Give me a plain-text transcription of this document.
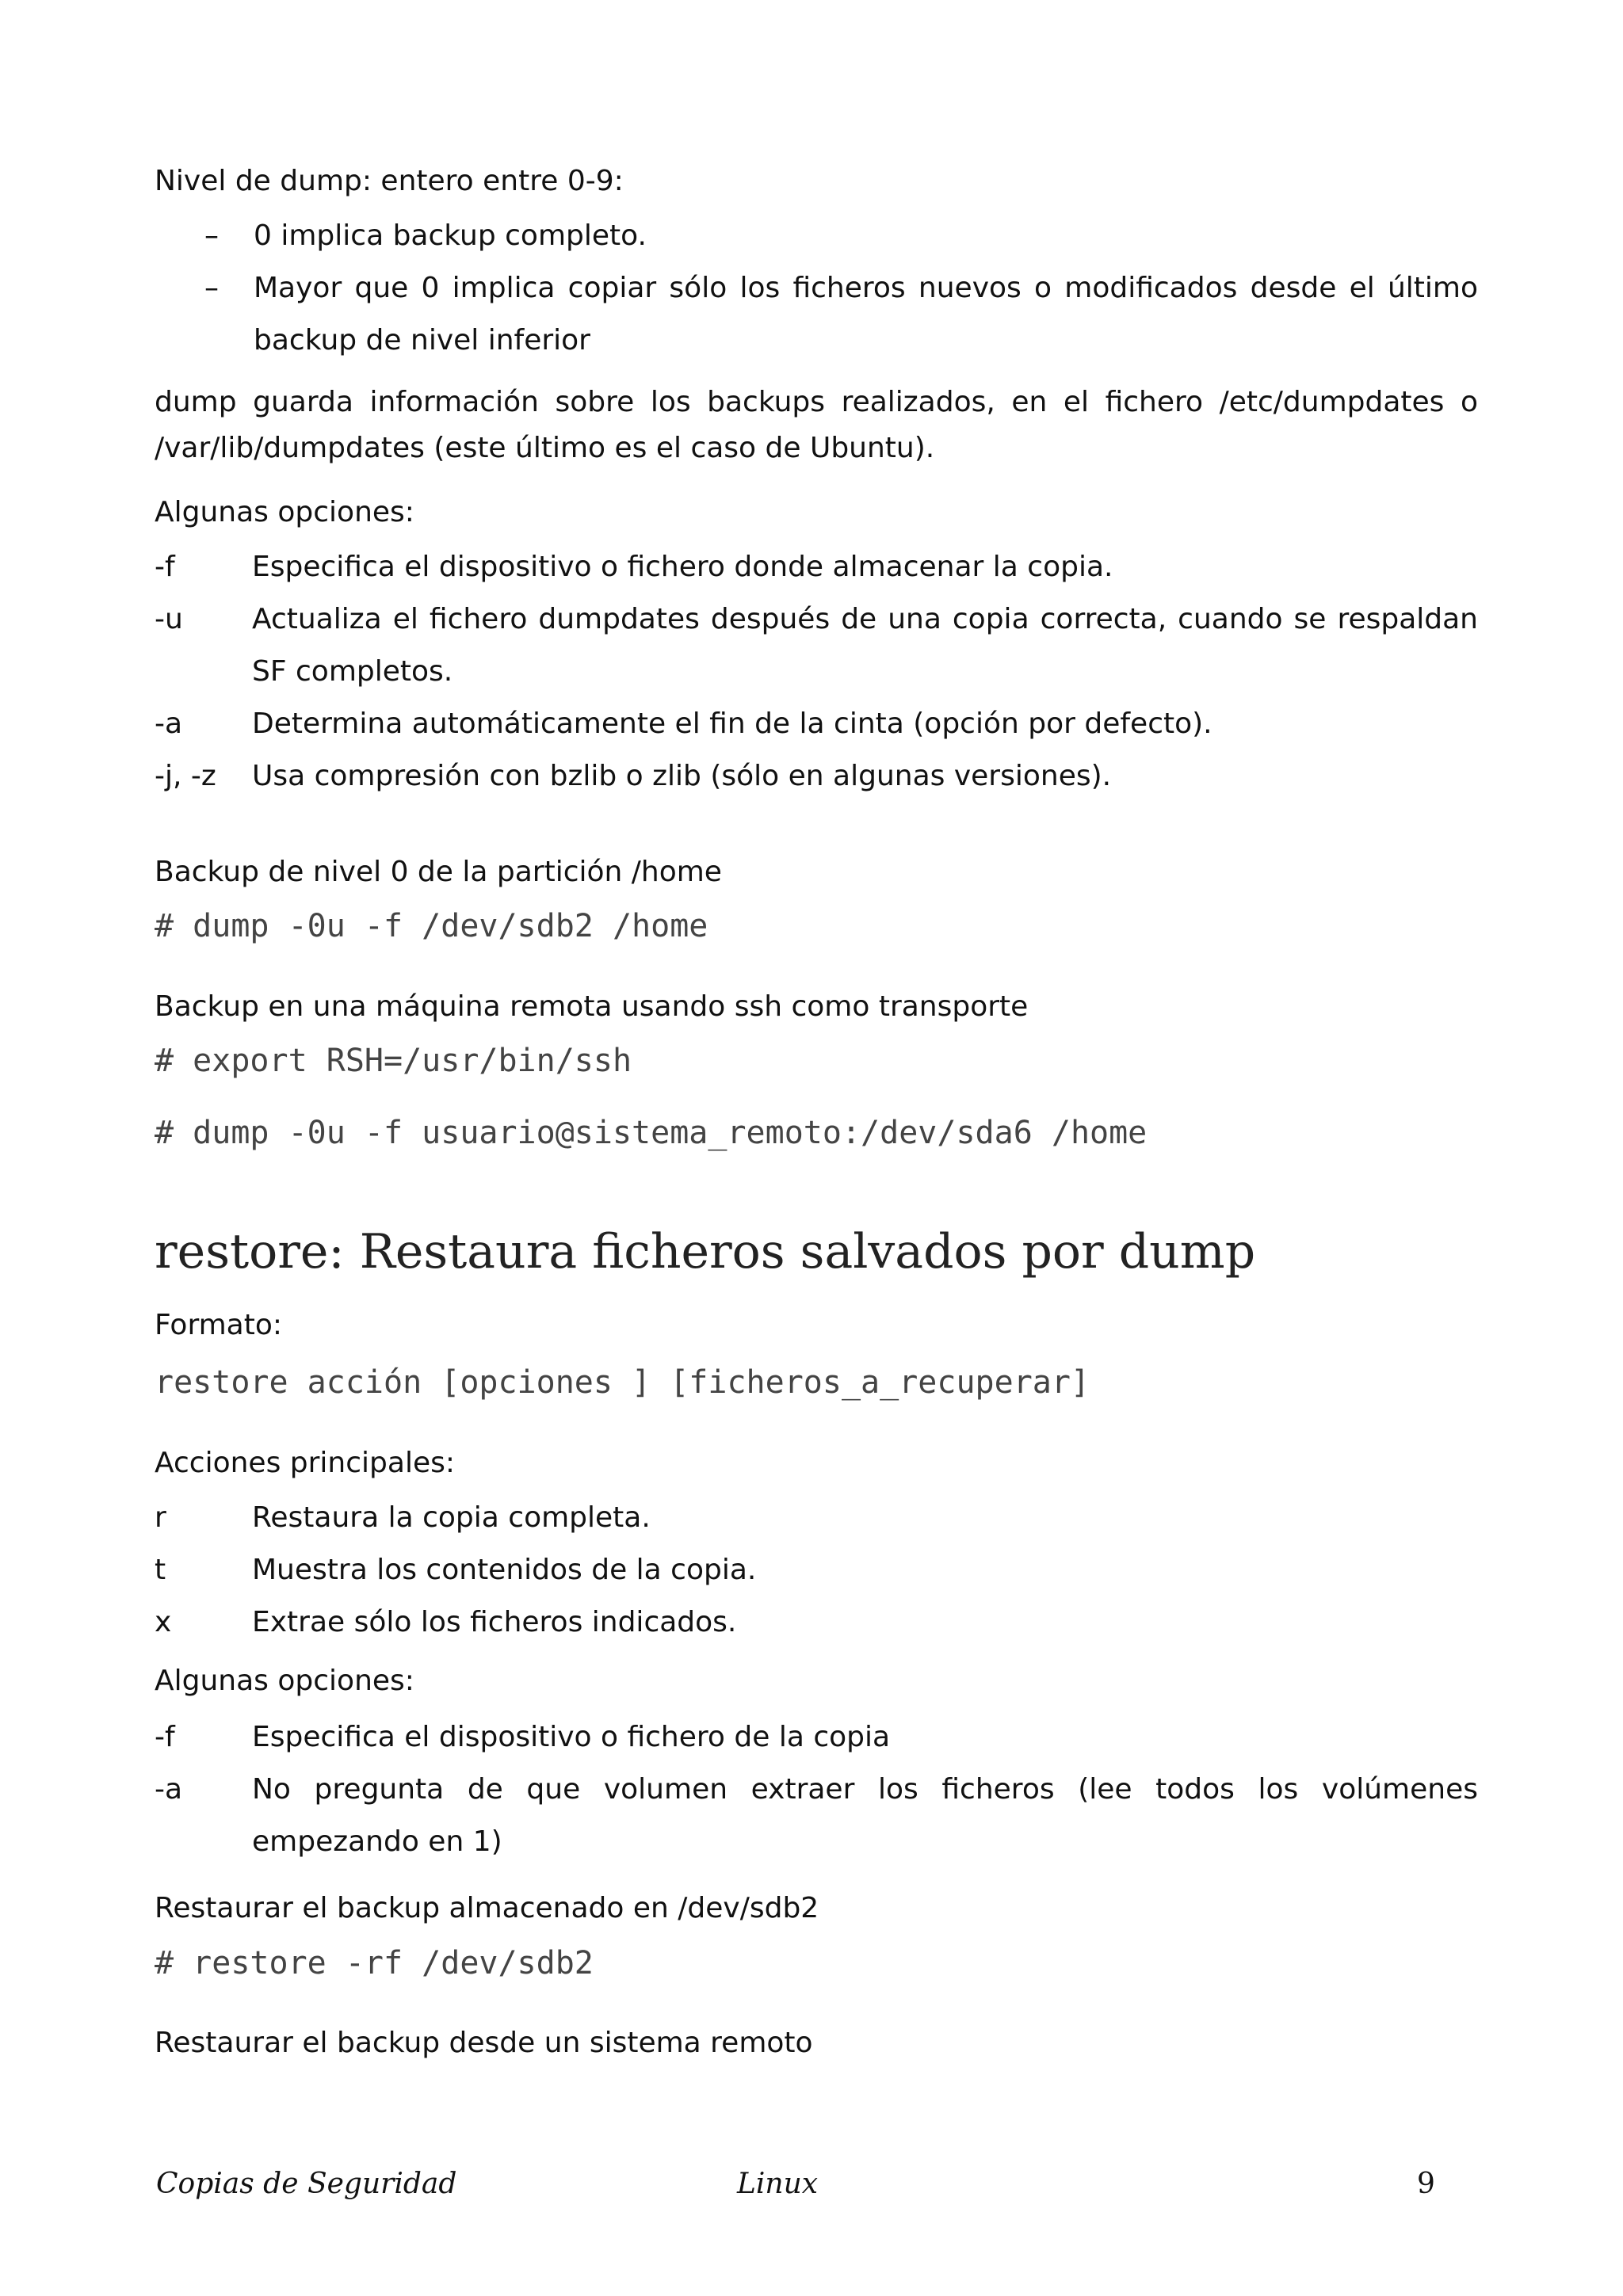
Nivel de dump: entero entre 0-9:

–	0 implica backup completo.
–	Mayor que 0 implica copiar sólo los ficheros nuevos o modificados desde el último backup de nivel inferior

dump guarda información sobre los backups realizados, en el fichero /etc/dumpdates o /var/lib/dumpdates (este último es el caso de Ubuntu).

Algunas opciones:

-f	Especifica el dispositivo o fichero donde almacenar la copia.
-u	Actualiza el fichero dumpdates después de una copia correcta, cuando se respaldan SF completos.
-a	Determina automáticamente el fin de la cinta (opción por defecto).
-j, -z	Usa compresión con bzlib o zlib (sólo en algunas versiones).

Backup de nivel 0 de la partición /home

# dump -0u -f /dev/sdb2 /home

Backup en una máquina remota usando ssh como transporte

# export RSH=/usr/bin/ssh
# dump -0u -f usuario@sistema_remoto:/dev/sda6 /home
restore: Restaura ficheros salvados por dump

Formato:

restore acción [opciones ] [ficheros_a_recuperar]

Acciones principales:

r	Restaura la copia completa.
t	Muestra los contenidos de la copia.
x	Extrae sólo los ficheros indicados.

Algunas opciones:

-f	Especifica el dispositivo o fichero de la copia
-a	No pregunta de que volumen extraer los ficheros (lee todos los volúmenes empezando en 1)

Restaurar el backup almacenado en /dev/sdb2

# restore -rf /dev/sdb2

Restaurar el backup desde un sistema remoto

Copias de Seguridad	Linux	9
